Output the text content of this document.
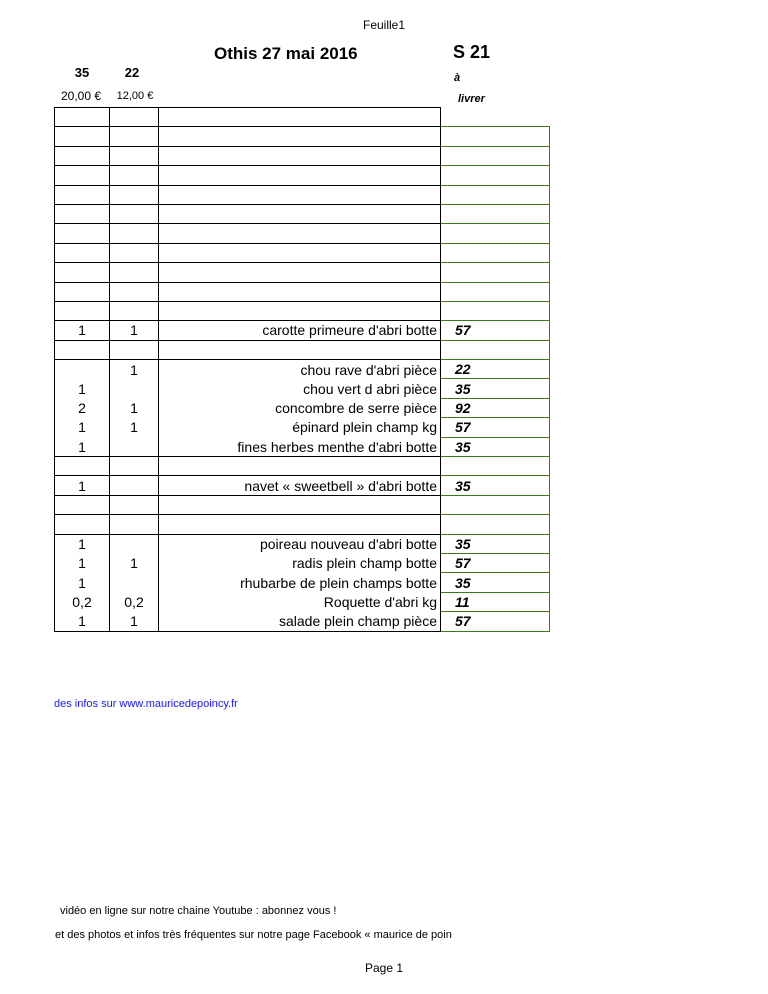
Feuille1
Othis 27 mai 2016	S 21
à
livrer
35	22
20,00 €	12,00 €

1	1	carotte primeure d'abri botte	57

	1	chou rave d'abri pièce	22
1		chou vert d abri pièce	35
2	1	concombre de serre pièce	92
1	1	épinard plein champ kg	57
1		fines herbes menthe d'abri botte	35

1		navet « sweetbell » d'abri botte	35

1		poireau nouveau d'abri botte	35
1	1	radis plein champ botte	57
1		rhubarbe de plein champs botte	35
0,2	0,2	Roquette d'abri kg	11
1	1	salade plein champ pièce	57
des infos sur www.mauricedepoincy.fr
vidéo en ligne sur notre chaine Youtube : abonnez vous !
et des photos et infos très fréquentes sur notre page Facebook « maurice de poin
Page 1
